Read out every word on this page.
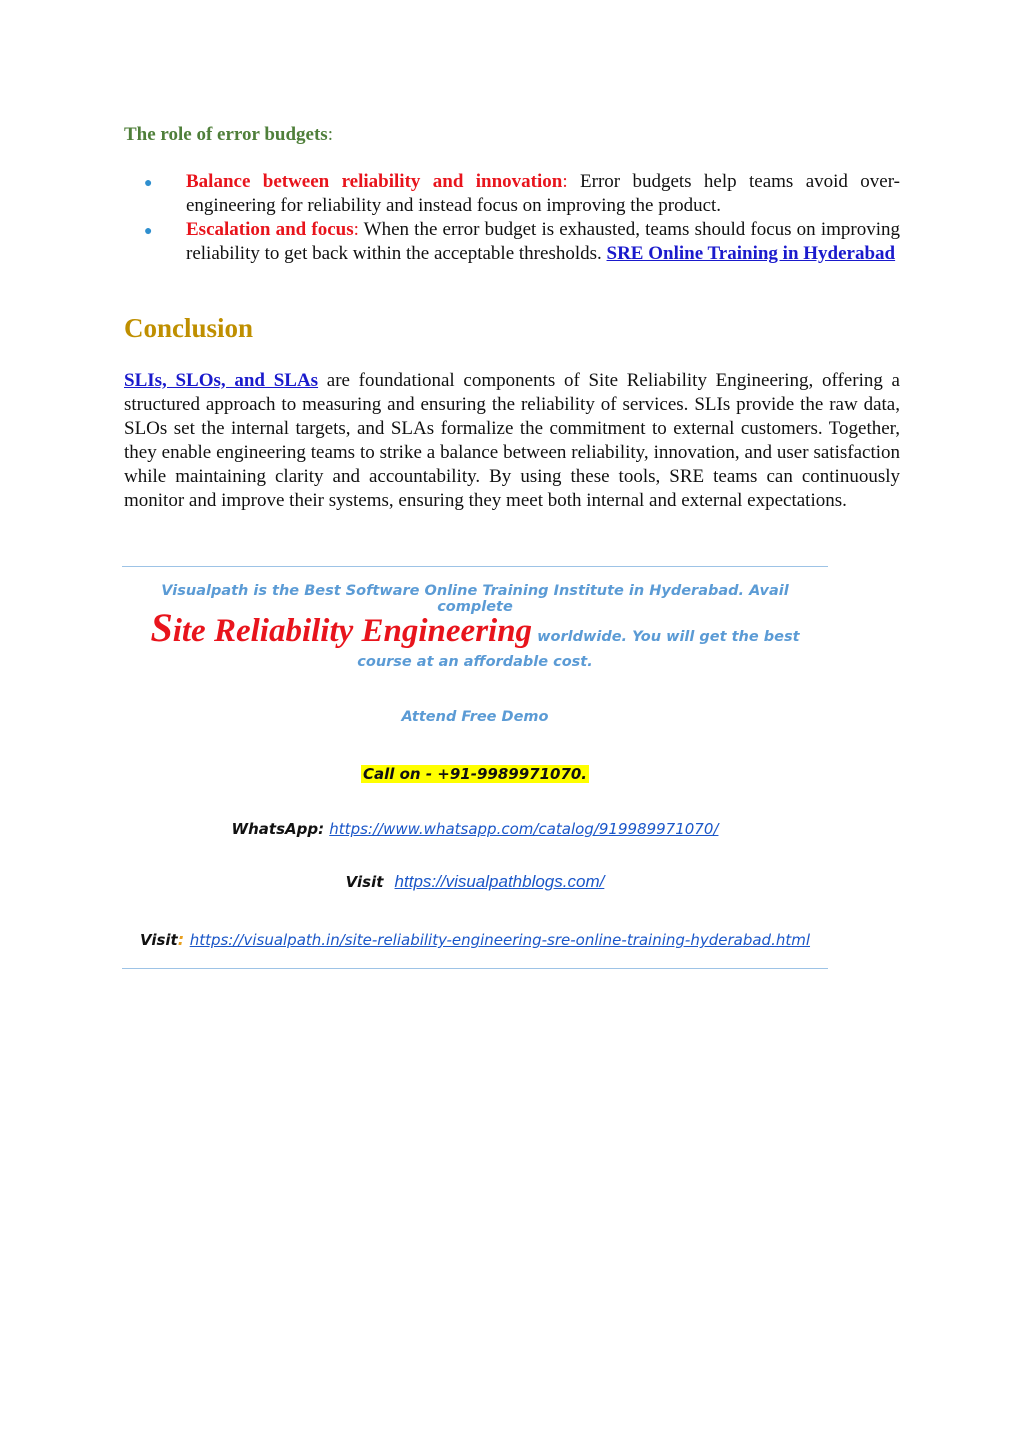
The role of error budgets:
● Balance between reliability and innovation: Error budgets help teams avoid over-engineering for reliability and instead focus on improving the product.
● Escalation and focus: When the error budget is exhausted, teams should focus on improving reliability to get back within the acceptable thresholds. SRE Online Training in Hyderabad
Conclusion
SLIs, SLOs, and SLAs are foundational components of Site Reliability Engineering, offering a structured approach to measuring and ensuring the reliability of services. SLIs provide the raw data, SLOs set the internal targets, and SLAs formalize the commitment to external customers. Together, they enable engineering teams to strike a balance between reliability, innovation, and user satisfaction while maintaining clarity and accountability. By using these tools, SRE teams can continuously monitor and improve their systems, ensuring they meet both internal and external expectations.
Visualpath is the Best Software Online Training Institute in Hyderabad. Avail complete
Site Reliability Engineering worldwide. You will get the best
course at an affordable cost.
Attend Free Demo
Call on - +91-9989971070.
WhatsApp: https://www.whatsapp.com/catalog/919989971070/
Visit https://visualpathblogs.com/
Visit: https://visualpath.in/site-reliability-engineering-sre-online-training-hyderabad.html
